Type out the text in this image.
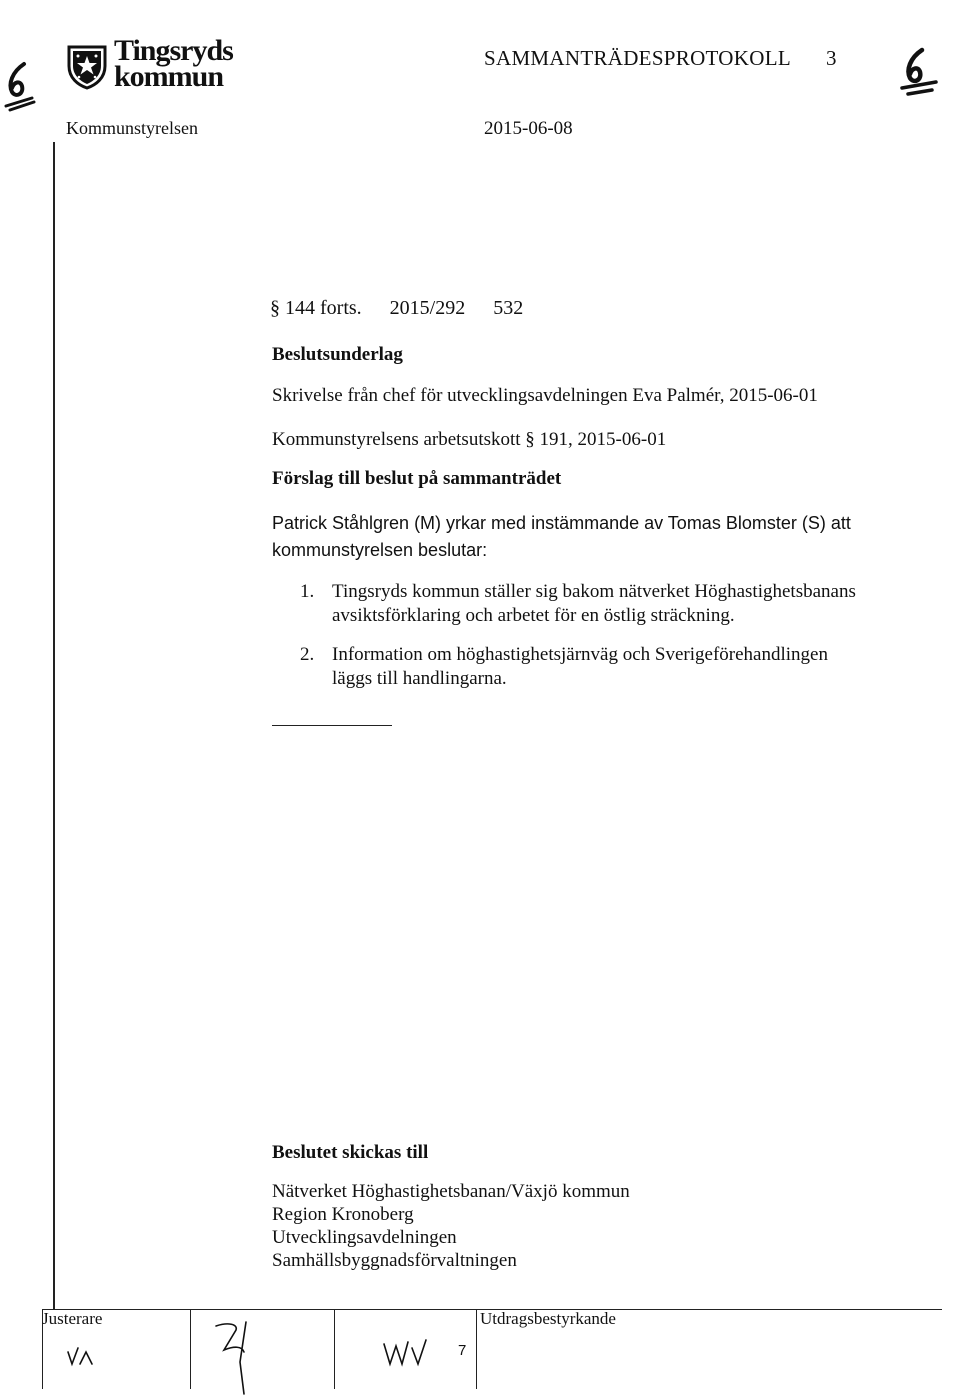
Tingsryds
kommun
SAMMANTRÄDESPROTOKOLL 3
Kommunstyrelsen	2015-06-08
§ 144 forts. 2015/292 532
Beslutsunderlag
Skrivelse från chef för utvecklingsavdelningen Eva Palmér, 2015-06-01
Kommunstyrelsens arbetsutskott § 191, 2015-06-01
Förslag till beslut på sammanträdet
Patrick Ståhlgren (M) yrkar med instämmande av Tomas Blomster (S) att
kommunstyrelsen beslutar:
1. Tingsryds kommun ställer sig bakom nätverket Höghastighetsbanans
avsiktsförklaring och arbetet för en östlig sträckning.
2. Information om höghastighetsjärnväg och Sverigeförehandlingen
läggs till handlingarna.
Beslutet skickas till
Nätverket Höghastighetsbanan/Växjö kommun
Region Kronoberg
Utvecklingsavdelningen
Samhällsbyggnadsförvaltningen
Justerare	Utdragsbestyrkande
7
